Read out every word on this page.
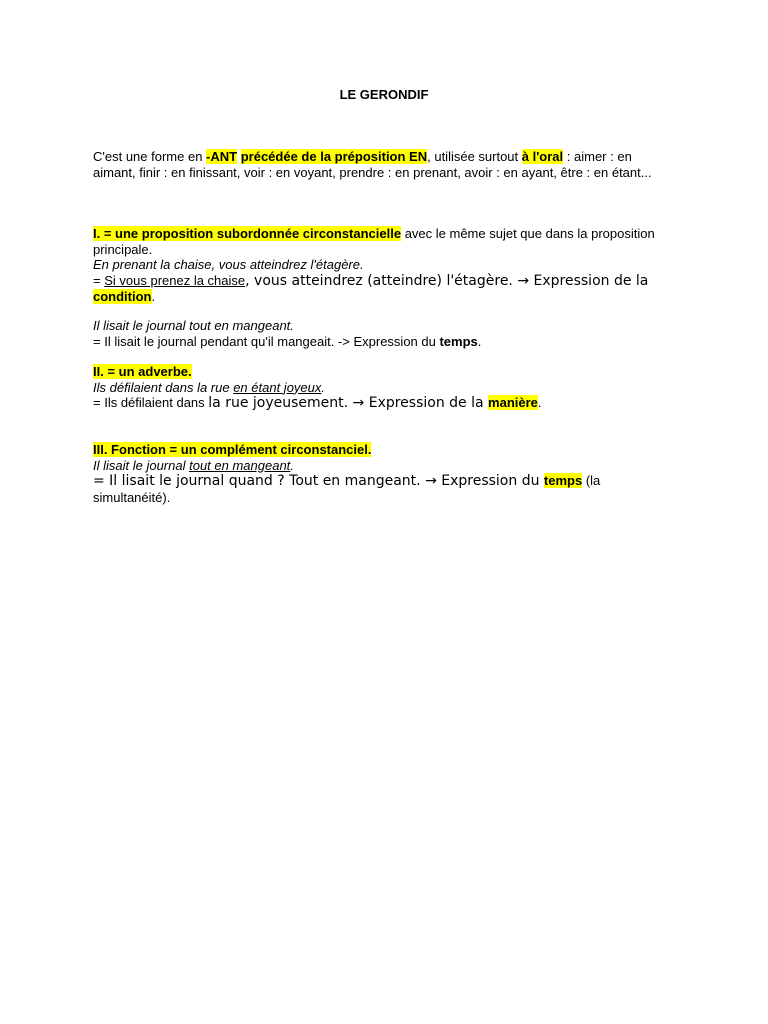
LE GERONDIF

C'est une forme en -ANT précédée de la préposition EN, utilisée surtout à l'oral : aimer : en aimant, finir : en finissant, voir : en voyant, prendre : en prenant, avoir : en ayant, être : en étant...

I. = une proposition subordonnée circonstancielle avec le même sujet que dans la proposition principale.

En prenant la chaise, vous atteindrez l'étagère.

= Si vous prenez la chaise, vous atteindrez (atteindre) l'étagère. → Expression de la condition.

Il lisait le journal tout en mangeant.

= Il lisait le journal pendant qu'il mangeait. -> Expression du temps.

II. = un adverbe.

Ils défilaient dans la rue en étant joyeux.

= Ils défilaient dans la rue joyeusement. → Expression de la manière.

III. Fonction = un complément circonstanciel.

Il lisait le journal tout en mangeant.

= Il lisait le journal quand ? Tout en mangeant. → Expression du temps (la simultanéité).
